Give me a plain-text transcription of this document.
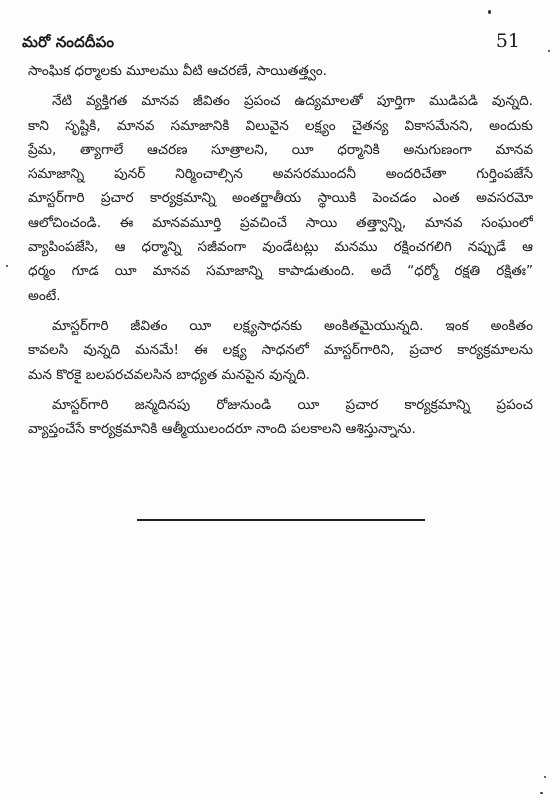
మరో నందదీపం	51

సాంఘిక ధర్మాలకు మూలము వీటి ఆచరణే, సాయితత్త్వం.

నేటి వ్యక్తిగత మానవ జీవితం ప్రపంచ ఉద్యమాలతో పూర్తిగా ముడిపడి వున్నది.
కాని సృష్టికి, మానవ సమాజానికి విలువైన లక్ష్యం చైతన్య వికాసమేనని, అందుకు
ప్రేమ, త్యాగాలే ఆచరణ సూత్రాలని, యీ ధర్మానికి అనుగుణంగా మానవ
సమాజాన్ని పునర్ నిర్మించాల్సిన అవసరముందనీ అందరిచేతా గుర్తింపజేసే
మాస్టర్‌గారి ప్రచార కార్యక్రమాన్ని అంతర్జాతీయ స్థాయికి పెంచడం ఎంత అవసరమో
ఆలోచించండి. ఈ మానవమూర్తి ప్రవచించే సాయి తత్త్వాన్ని, మానవ సంఘంలో
వ్యాపింపజేసి, ఆ ధర్మాన్ని సజీవంగా వుండేటట్లు మనము రక్షించగలిగి నప్పుడే ఆ
ధర్మం గూడ యీ మానవ సమాజాన్ని కాపాడుతుంది. అదే “ధర్మో రక్షతి రక్షితః”
అంటే.

మాస్టర్‌గారి జీవితం యీ లక్ష్యసాధనకు అంకితమైయున్నది. ఇంక అంకితం
కావలసి వున్నది మనమే! ఈ లక్ష్య సాధనలో మాస్టర్‌గారిని, ప్రచార కార్యక్రమాలను
మన కొరకై బలపరచవలసిన బాధ్యత మనపైన వున్నది.

మాస్టర్‌గారి జన్మదినపు రోజునుండి యీ ప్రచార కార్యక్రమాన్ని ప్రపంచ
వ్యాప్తంచేసే కార్యక్రమానికి ఆత్మీయులందరూ నాంది పలకాలని ఆశిస్తున్నాను.
